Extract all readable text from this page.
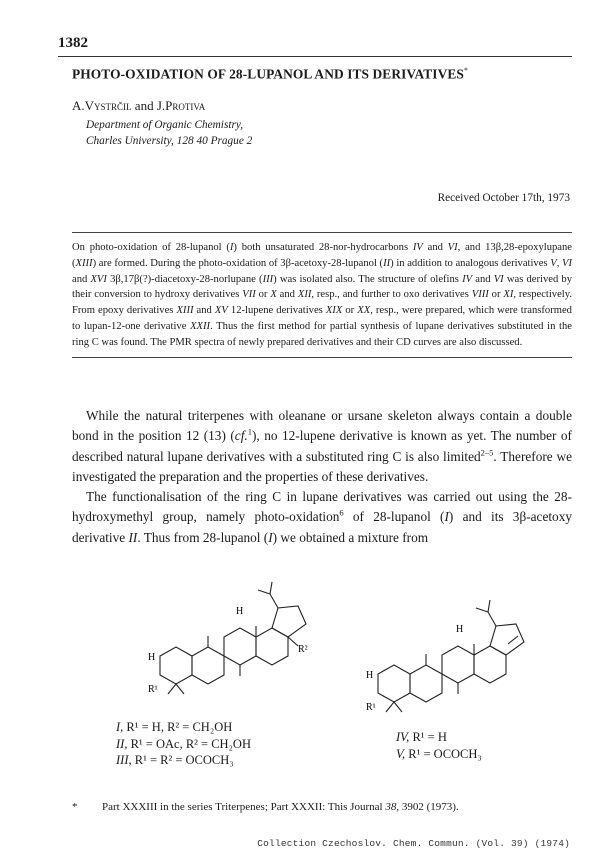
1382
PHOTO-OXIDATION OF 28-LUPANOL AND ITS DERIVATIVES*
A.Vystrčil and J.Protiva
Department of Organic Chemistry,
Charles University, 128 40 Prague 2
Received October 17th, 1973

On photo-oxidation of 28-lupanol (I) both unsaturated 28-nor-hydrocarbons IV and VI, and 13β,28-epoxylupane (XIII) are formed. During the photo-oxidation of 3β-acetoxy-28-lupanol (II) in addition to analogous derivatives V, VI and XVI 3β,17β(?)-diacetoxy-28-norlupane (III) was isolated also. The structure of olefins IV and VI was derived by their conversion to hydroxy derivatives VII or X and XII, resp., and further to oxo derivatives VIII or XI, respectively. From epoxy derivatives XIII and XV 12-lupene derivatives XIX or XX, resp., were prepared, which were transformed to lupan-12-one derivative XXII. Thus the first method for partial synthesis of lupane derivatives substituted in the ring C was found. The PMR spectra of newly prepared derivatives and their CD curves are also discussed.

While the natural triterpenes with oleanane or ursane skeleton always contain a double bond in the position 12 (13) (cf.$^1$), no 12-lupene derivative is known as yet. The number of described natural lupane derivatives with a substituted ring C is also limited$^{2-5}$. Therefore we investigated the preparation and the properties of these derivatives.

The functionalisation of the ring C in lupane derivatives was carried out using the 28-hydroxymethyl group, namely photo-oxidation$^6$ of 28-lupanol (I) and its 3β-acetoxy derivative II. Thus from 28-lupanol (I) we obtained a mixture from

H
R²
H
R¹
H
H
R¹
I, R¹ = H, R² = CH₂OH
II, R¹ = OAc, R² = CH₂OH
III, R¹ = R² = OCOCH₃
IV, R¹ = H
V, R¹ = OCOCH₃
* Part XXXIII in the series Triterpenes; Part XXXII: This Journal 38, 3902 (1973).
Collection Czechoslov. Chem. Commun. (Vol. 39) (1974)
